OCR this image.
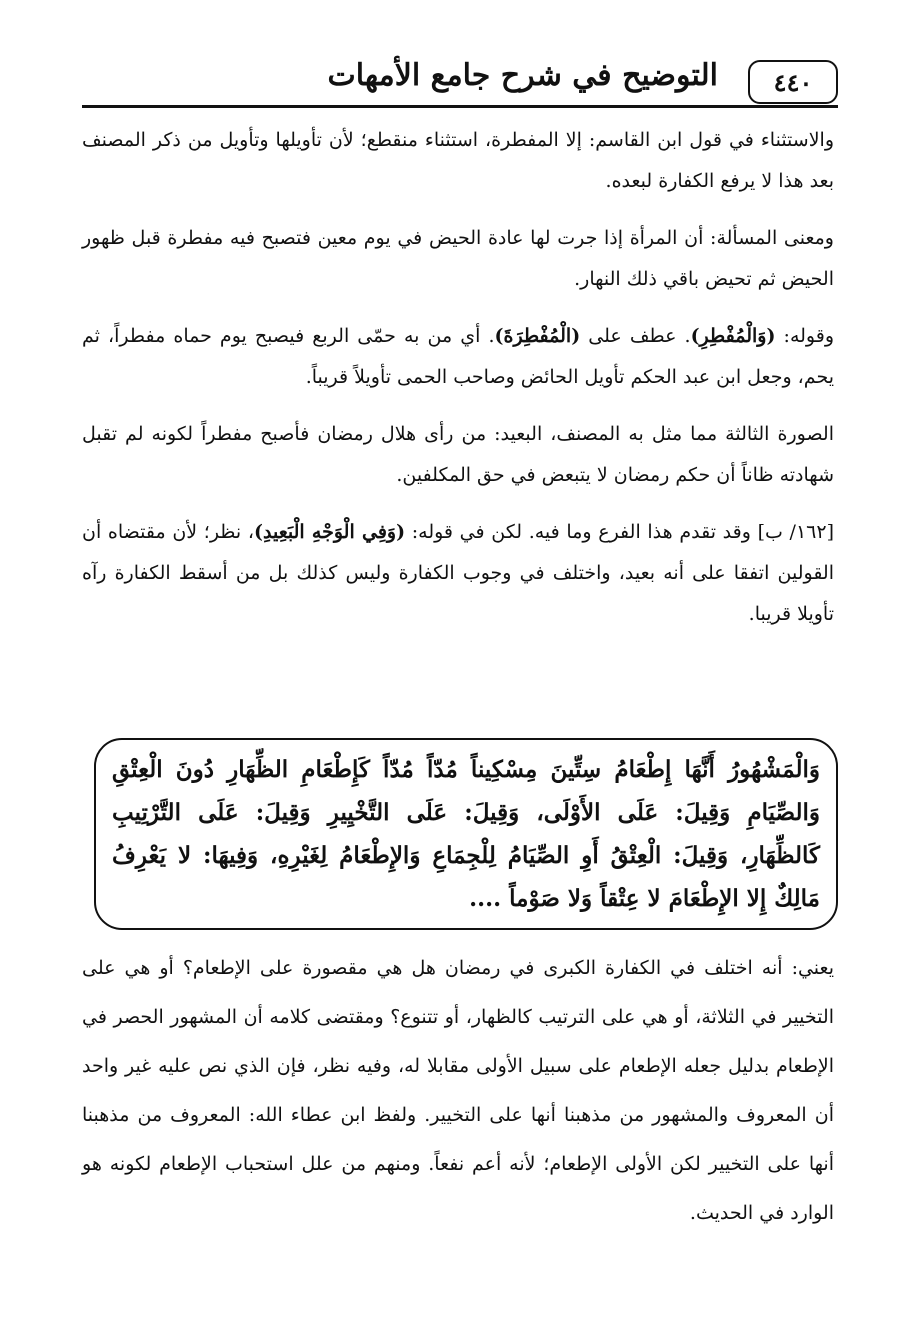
٤٤٠
التوضيح في شرح جامع الأمهات

والاستثناء في قول ابن القاسم: إلا المفطرة، استثناء منقطع؛ لأن تأويلها وتأويل من ذكر المصنف بعد هذا لا يرفع الكفارة لبعده.

ومعنى المسألة: أن المرأة إذا جرت لها عادة الحيض في يوم معين فتصبح فيه مفطرة قبل ظهور الحيض ثم تحيض باقي ذلك النهار.

وقوله: (وَالْمُفْطِرِ). عطف على (الْمُفْطِرَةَ). أي من به حمّى الربع فيصبح يوم حماه مفطراً، ثم يحم، وجعل ابن عبد الحكم تأويل الحائض وصاحب الحمى تأويلاً قريباً.

الصورة الثالثة مما مثل به المصنف، البعيد: من رأى هلال رمضان فأصبح مفطراً لكونه لم تقبل شهادته ظاناً أن حكم رمضان لا يتبعض في حق المكلفين.

[١٦٢/ ب] وقد تقدم هذا الفرع وما فيه. لكن في قوله: (وَفِي الْوَجْهِ الْبَعِيدِ)، نظر؛ لأن مقتضاه أن القولين اتفقا على أنه بعيد، واختلف في وجوب الكفارة وليس كذلك بل من أسقط الكفارة رآه تأويلا قريبا.

وَالْمَشْهُورُ أَنَّهَا إِطْعَامُ سِتِّينَ مِسْكِيناً مُدّاً مُدّاً كَإِطْعَامِ الظِّهَارِ دُونَ الْعِتْقِ وَالصِّيَامِ وَقِيلَ: عَلَى الأَوْلَى، وَقِيلَ: عَلَى التَّخْيِيرِ وَقِيلَ: عَلَى التَّرْتِيبِ كَالظِّهَارِ، وَقِيلَ: الْعِتْقُ أَوِ الصِّيَامُ لِلْجِمَاعِ وَالإِطْعَامُ لِغَيْرِهِ، وَفِيهَا: لا يَعْرِفُ مَالِكٌ إِلا الإِطْعَامَ لا عِتْقاً وَلا صَوْماً ....

يعني: أنه اختلف في الكفارة الكبرى في رمضان هل هي مقصورة على الإطعام؟ أو هي على التخيير في الثلاثة، أو هي على الترتيب كالظهار، أو تتنوع؟ ومقتضى كلامه أن المشهور الحصر في الإطعام بدليل جعله الإطعام على سبيل الأولى مقابلا له، وفيه نظر، فإن الذي نص عليه غير واحد أن المعروف والمشهور من مذهبنا أنها على التخيير. ولفظ ابن عطاء الله: المعروف من مذهبنا أنها على التخيير لكن الأولى الإطعام؛ لأنه أعم نفعاً. ومنهم من علل استحباب الإطعام لكونه هو الوارد في الحديث.
